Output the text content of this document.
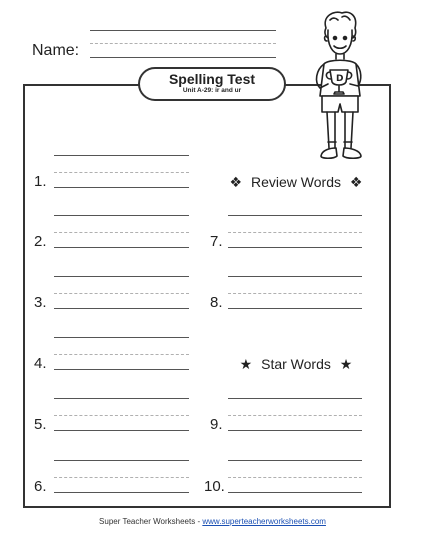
Name:
Spelling Test
Unit A-29: ir and ur
D
1.
2.
3.
4.
5.
6.
❖ Review Words ❖
7.
8.
★ Star Words ★
9.
10.
Super Teacher Worksheets - www.superteacherworksheets.com
